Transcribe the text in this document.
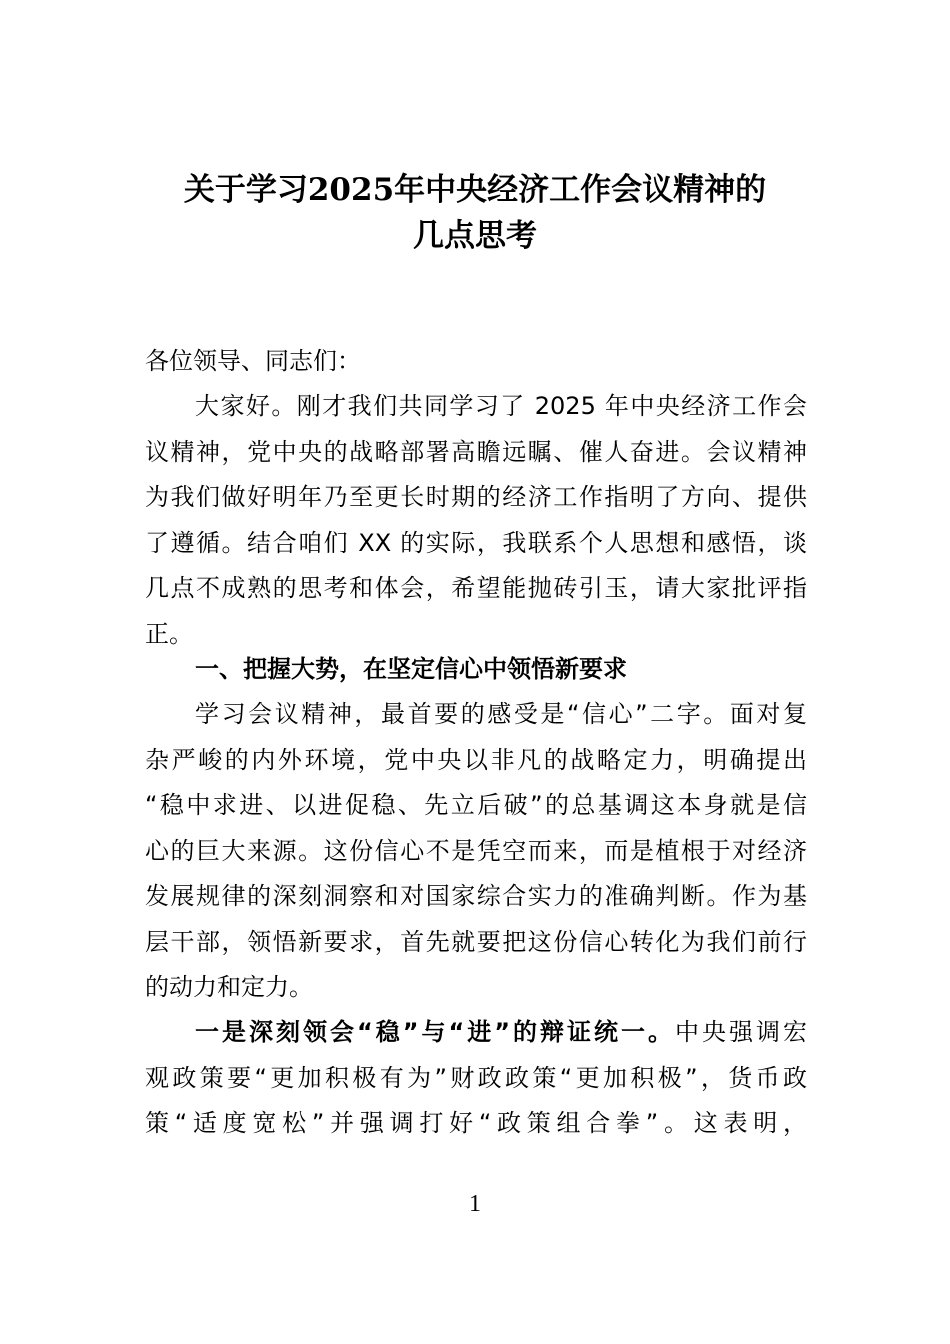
关于学习2025年中央经济工作会议精神的
几点思考
各位领导、同志们：
大家好。刚才我们共同学习了 2025 年中央经济工作会
议精神，党中央的战略部署高瞻远瞩、催人奋进。会议精神
为我们做好明年乃至更长时期的经济工作指明了方向、提供
了遵循。结合咱们 XX 的实际，我联系个人思想和感悟，谈
几点不成熟的思考和体会，希望能抛砖引玉，请大家批评指
正。
一、把握大势，在坚定信心中领悟新要求
学习会议精神，最首要的感受是“信心”二字。面对复
杂严峻的内外环境，党中央以非凡的战略定力，明确提出
“稳中求进、以进促稳、先立后破”的总基调这本身就是信
心的巨大来源。这份信心不是凭空而来，而是植根于对经济
发展规律的深刻洞察和对国家综合实力的准确判断。作为基
层干部，领悟新要求，首先就要把这份信心转化为我们前行
的动力和定力。
一是深刻领会“稳”与“进”的辩证统一。中央强调宏
观政策要“更加积极有为”财政政策“更加积极”，货币政
策“适度宽松”并强调打好“政策组合拳”。这表明，
1
